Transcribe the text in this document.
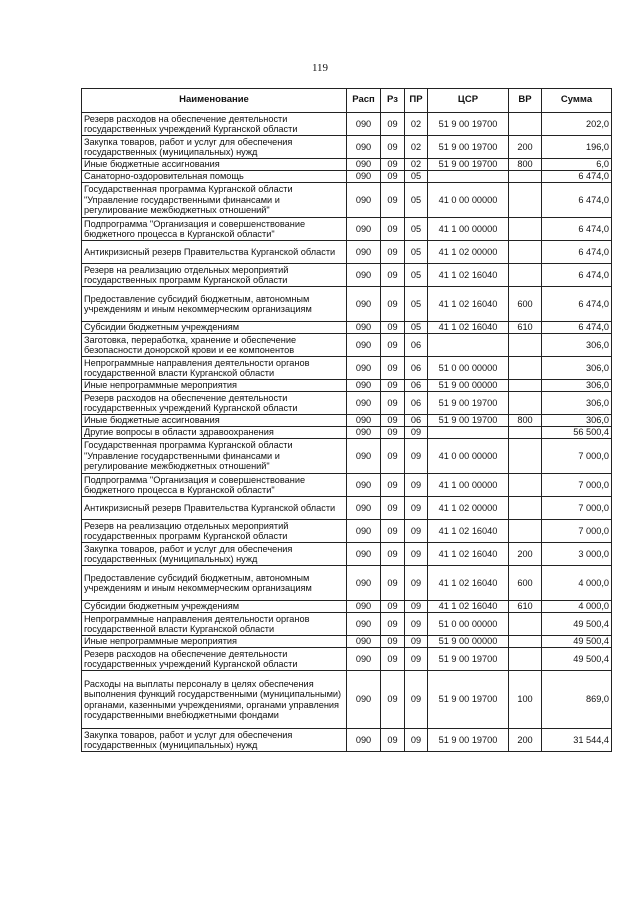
119
Наименование	Расп	Рз	ПР	ЦСР	ВР	Сумма
Резерв расходов на обеспечение деятельности государственных учреждений Курганской области	090	09	02	51 9 00 19700		202,0
Закупка товаров, работ и услуг для обеспечения государственных (муниципальных) нужд	090	09	02	51 9 00 19700	200	196,0
Иные бюджетные ассигнования	090	09	02	51 9 00 19700	800	6,0
Санаторно-оздоровительная помощь	090	09	05			6 474,0
Государственная программа Курганской области "Управление государственными финансами и регулирование межбюджетных отношений"	090	09	05	41 0 00 00000		6 474,0
Подпрограмма "Организация и совершенствование бюджетного процесса в Курганской области"	090	09	05	41 1 00 00000		6 474,0
Антикризисный резерв Правительства Курганской области	090	09	05	41 1 02 00000		6 474,0
Резерв на реализацию отдельных мероприятий государственных программ Курганской области	090	09	05	41 1 02 16040		6 474,0
Предоставление субсидий бюджетным, автономным учреждениям и иным некоммерческим организациям	090	09	05	41 1 02 16040	600	6 474,0
Субсидии бюджетным учреждениям	090	09	05	41 1 02 16040	610	6 474,0
Заготовка, переработка, хранение и обеспечение безопасности донорской крови и ее компонентов	090	09	06			306,0
Непрограммные направления деятельности органов государственной власти Курганской области	090	09	06	51 0 00 00000		306,0
Иные непрограммные мероприятия	090	09	06	51 9 00 00000		306,0
Резерв расходов на обеспечение деятельности государственных учреждений Курганской области	090	09	06	51 9 00 19700		306,0
Иные бюджетные ассигнования	090	09	06	51 9 00 19700	800	306,0
Другие вопросы в области здравоохранения	090	09	09			56 500,4
Государственная программа Курганской области "Управление государственными финансами и регулирование межбюджетных отношений"	090	09	09	41 0 00 00000		7 000,0
Подпрограмма "Организация и совершенствование бюджетного процесса в Курганской области"	090	09	09	41 1 00 00000		7 000,0
Антикризисный резерв Правительства Курганской области	090	09	09	41 1 02 00000		7 000,0
Резерв на реализацию отдельных мероприятий государственных программ Курганской области	090	09	09	41 1 02 16040		7 000,0
Закупка товаров, работ и услуг для обеспечения государственных (муниципальных) нужд	090	09	09	41 1 02 16040	200	3 000,0
Предоставление субсидий бюджетным, автономным учреждениям и иным некоммерческим организациям	090	09	09	41 1 02 16040	600	4 000,0
Субсидии бюджетным учреждениям	090	09	09	41 1 02 16040	610	4 000,0
Непрограммные направления деятельности органов государственной власти Курганской области	090	09	09	51 0 00 00000		49 500,4
Иные непрограммные мероприятия	090	09	09	51 9 00 00000		49 500,4
Резерв расходов на обеспечение деятельности государственных учреждений Курганской области	090	09	09	51 9 00 19700		49 500,4
Расходы на выплаты персоналу в целях обеспечения выполнения функций государственными (муниципальными) органами, казенными учреждениями, органами управления государственными внебюджетными фондами	090	09	09	51 9 00 19700	100	869,0
Закупка товаров, работ и услуг для обеспечения государственных (муниципальных) нужд	090	09	09	51 9 00 19700	200	31 544,4
